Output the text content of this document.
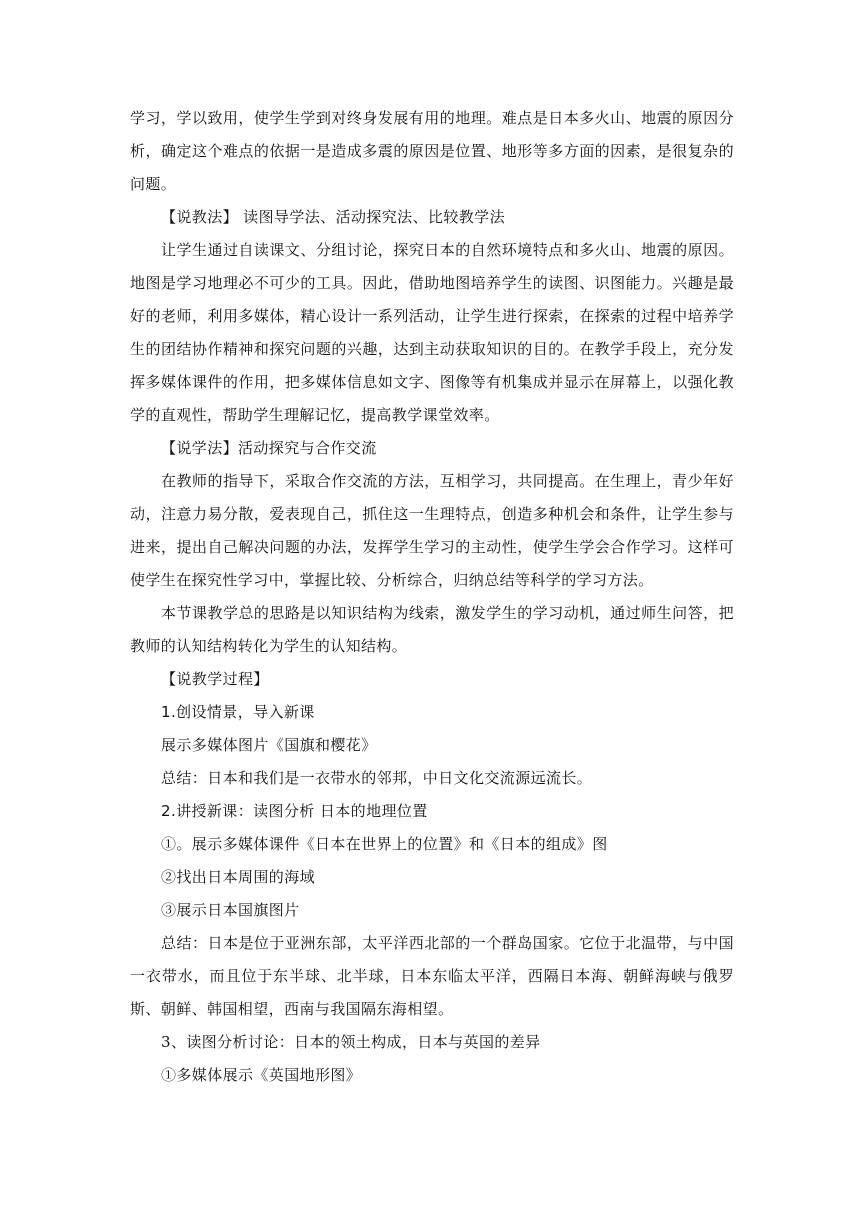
学习，学以致用，使学生学到对终身发展有用的地理。难点是日本多火山、地震的原因分析，确定这个难点的依据一是造成多震的原因是位置、地形等多方面的因素，是很复杂的问题。

【说教法】 读图导学法、活动探究法、比较教学法

让学生通过自读课文、分组讨论，探究日本的自然环境特点和多火山、地震的原因。地图是学习地理必不可少的工具。因此，借助地图培养学生的读图、识图能力。兴趣是最好的老师，利用多媒体，精心设计一系列活动，让学生进行探索，在探索的过程中培养学生的团结协作精神和探究问题的兴趣，达到主动获取知识的目的。在教学手段上，充分发挥多媒体课件的作用，把多媒体信息如文字、图像等有机集成并显示在屏幕上，以强化教学的直观性，帮助学生理解记忆，提高教学课堂效率。

【说学法】活动探究与合作交流

在教师的指导下，采取合作交流的方法，互相学习，共同提高。在生理上，青少年好动，注意力易分散，爱表现自己，抓住这一生理特点，创造多种机会和条件，让学生参与进来，提出自己解决问题的办法，发挥学生学习的主动性，使学生学会合作学习。这样可使学生在探究性学习中，掌握比较、分析综合，归纳总结等科学的学习方法。

本节课教学总的思路是以知识结构为线索，激发学生的学习动机，通过师生问答，把教师的认知结构转化为学生的认知结构。

【说教学过程】

1.创设情景，导入新课

展示多媒体图片《国旗和樱花》

总结：日本和我们是一衣带水的邻邦，中日文化交流源远流长。

2.讲授新课：读图分析 日本的地理位置

①。展示多媒体课件《日本在世界上的位置》和《日本的组成》图

②找出日本周围的海域

③展示日本国旗图片

总结：日本是位于亚洲东部，太平洋西北部的一个群岛国家。它位于北温带，与中国一衣带水，而且位于东半球、北半球，日本东临太平洋，西隔日本海、朝鲜海峡与俄罗斯、朝鲜、韩国相望，西南与我国隔东海相望。

3、读图分析讨论：日本的领土构成，日本与英国的差异

①多媒体展示《英国地形图》
